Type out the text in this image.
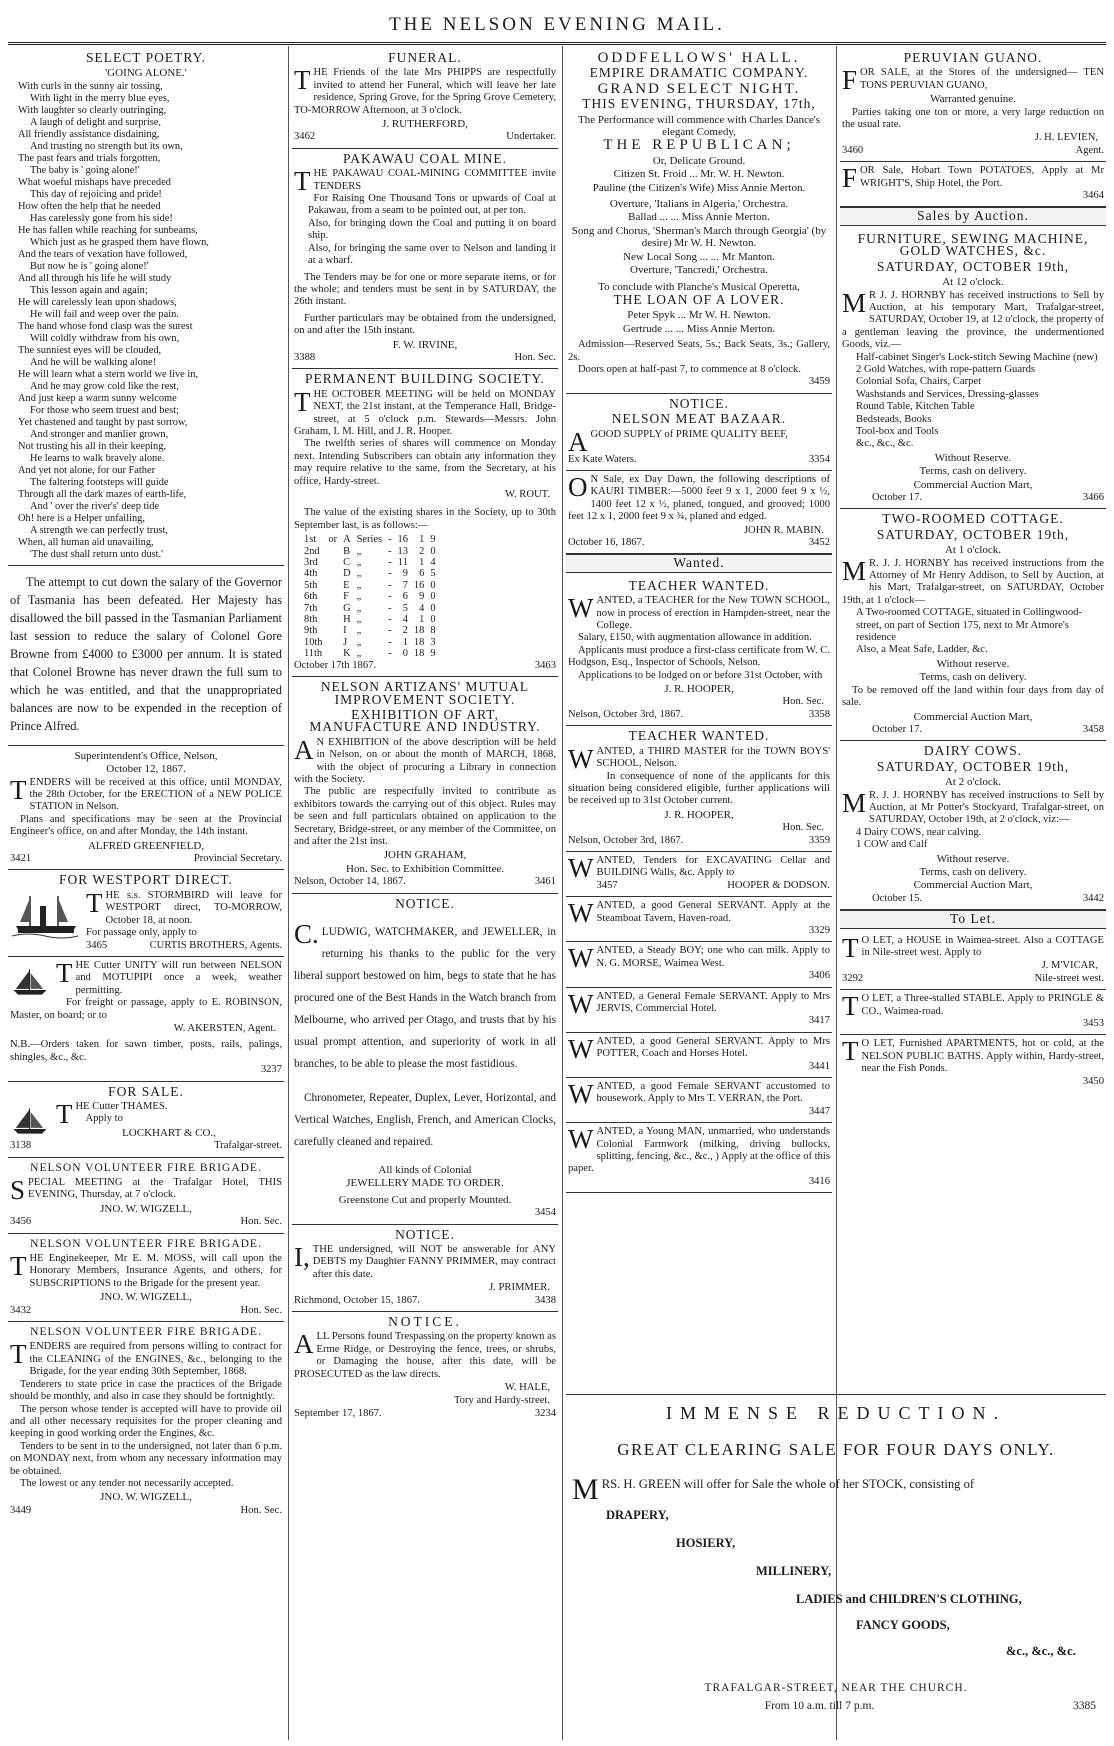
THE NELSON EVENING MAIL.
SELECT POETRY.
'GOING ALONE.'
With curls in the sunny air tossing,
With light in the merry blue eyes,
With laughter so clearly outringing,
A laugh of delight and surprise,
All friendly assistance disdaining,
And trusting no strength but its own,
The past fears and trials forgotten,
The baby is ' going alone!'
What woeful mishaps have preceded
This day of rejoicing and pride!
How often the help that he needed
Has carelessly gone from his side!
He has fallen while reaching for sunbeams,
Which just as he grasped them have flown,
And the tears of vexation have followed,
But now he is ' going alone!'
And all through his life he will study
This lesson again and again;
He will carelessly lean upon shadows,
He will fail and weep over the pain.
The hand whose fond clasp was the surest
Will coldly withdraw from his own,
The sunniest eyes will be clouded,
And he will be walking alone!
He will learn what a stern world we live in,
And he may grow cold like the rest,
And just keep a warm sunny welcome
For those who seem truest and best;
Yet chastened and taught by past sorrow,
And stronger and manlier grown,
Not trusting his all in their keeping,
He learns to walk bravely alone.
And yet not alone, for our Father
The faltering footsteps will guide
Through all the dark mazes of earth-life,
And ' over the river's' deep tide
Oh! here is a Helper unfailing,
A strength we can perfectly trust,
When, all human aid unavailing,
'The dust shall return unto dust.'

The attempt to cut down the salary of the Governor of Tasmania has been defeated. Her Majesty has disallowed the bill passed in the Tasmanian Parliament last session to reduce the salary of Colonel Gore Browne from £4000 to £3000 per annum. It is stated that Colonel Browne has never drawn the full sum to which he was entitled, and that the unappropriated balances are now to be expended in the reception of Prince Alfred.

Superintendent's Office, Nelson,
October 12, 1867.

TENDERS will be received at this office, until MONDAY, the 28th October, for the ERECTION of a NEW POLICE STATION in Nelson.

Plans and specifications may be seen at the Provincial Engineer's office, on and after Monday, the 14th instant.

ALFRED GREENFIELD,
3421	Provincial Secretary.
FOR WESTPORT DIRECT.

THE s.s. STORMBIRD will leave for WESTPORT direct, TO-MORROW, October 18, at noon.

For passage only, apply to

3465	CURTIS BROTHERS, Agents.

THE Cutter UNITY will run between NELSON and MOTUPIPI once a week, weather permitting.

For freight or passage, apply to E. ROBINSON, Master, on board; or to

W. AKERSTEN, Agent.

N.B.—Orders taken for sawn timber, posts, rails, palings, shingles, &c., &c.

3237
FOR SALE.

THE Cutter THAMES.

Apply to

LOCKHART & CO.,
3138	Trafalgar-street.
NELSON VOLUNTEER FIRE BRIGADE.

SPECIAL MEETING at the Trafalgar Hotel, THIS EVENING, Thursday, at 7 o'clock.

JNO. W. WIGZELL,
3456	Hon. Sec.
NELSON VOLUNTEER FIRE BRIGADE.

THE Enginekeeper, Mr E. M. MOSS, will call upon the Honorary Members, Insurance Agents, and others, for SUBSCRIPTIONS to the Brigade for the present year.

JNO. W. WIGZELL,
3432	Hon. Sec.
NELSON VOLUNTEER FIRE BRIGADE.

TENDERS are required from persons willing to contract for the CLEANING of the ENGINES, &c., belonging to the Brigade, for the year ending 30th September, 1868.

Tenderers to state price in case the practices of the Brigade should be monthly, and also in case they should be fortnightly.

The person whose tender is accepted will have to provide oil and all other necessary requisites for the proper cleaning and keeping in good working order the Engines, &c.

Tenders to be sent in to the undersigned, not later than 6 p.m. on MONDAY next, from whom any necessary information may be obtained.

The lowest or any tender not necessarily accepted.

JNO. W. WIGZELL,
3449	Hon. Sec.
FUNERAL.

THE Friends of the late Mrs PHIPPS are respectfully invited to attend her Funeral, which will leave her late residence, Spring Grove, for the Spring Grove Cemetery, TO-MORROW Afternoon, at 3 o'clock.

J. RUTHERFORD,
3462	Undertaker.
PAKAWAU COAL MINE.

THE PAKAWAU COAL-MINING COMMITTEE invite TENDERS

For Raising One Thousand Tons or upwards of Coal at Pakawau, from a seam to be pointed out, at per ton.

Also, for bringing down the Coal and putting it on board ship.

Also, for bringing the same over to Nelson and landing it at a wharf.

The Tenders may be for one or more separate items, or for the whole; and tenders must be sent in by SATURDAY, the 26th instant.

Further particulars may be obtained from the undersigned, on and after the 15th instant.

F. W. IRVINE,
3388	Hon. Sec.
PERMANENT BUILDING SOCIETY.

THE OCTOBER MEETING will be held on MONDAY NEXT, the 21st instant, at the Temperance Hall, Bridge-street, at 5 o'clock p.m. Stewards—Messrs. John Graham, I. M. Hill, and J. R. Hooper.

The twelfth series of shares will commence on Monday next. Intending Subscribers can obtain any information they may require relative to the same, from the Secretary, at his office, Hardy-street.

W. ROUT.

The value of the existing shares in the Society, up to 30th September last, is as follows:—

1st	or	A	Series	-	16	1	9
2nd		B	„	-	13	2	0
3rd		C	„	-	11	1	4
4th		D	„	-	9	6	5
5th		E	„	-	7	16	0
6th		F	„	-	6	9	0
7th		G	„	-	5	4	0
8th		H	„	-	4	1	0
9th		I	„	-	2	18	8
10th		J	„	-	1	18	3
11th		K	„	-	0	18	9
October 17th 1867.	3463
NELSON ARTIZANS' MUTUAL IMPROVEMENT SOCIETY.
EXHIBITION OF ART, MANUFACTURE AND INDUSTRY.

A N EXHIBITION of the above description will be held in Nelson, on or about the month of MARCH, 1868, with the object of procuring a Library in connection with the Society.

The public are respectfully invited to contribute as exhibitors towards the carrying out of this object. Rules may be seen and full particulars obtained on application to the Secretary, Bridge-street, or any member of the Committee, on and after the 21st inst.

JOHN GRAHAM,
Hon. Sec. to Exhibition Committee.
Nelson, October 14, 1867.	3461
NOTICE.

C. LUDWIG, WATCHMAKER, and JEWELLER, in returning his thanks to the public for the very liberal support bestowed on him, begs to state that he has procured one of the Best Hands in the Watch branch from Melbourne, who arrived per Otago, and trusts that by his usual prompt attention, and superiority of work in all branches, to be able to please the most fastidious.

Chronometer, Repeater, Duplex, Lever, Horizontal, and Vertical Watches, English, French, and American Clocks, carefully cleaned and repaired.

All kinds of Colonial
JEWELLERY MADE TO ORDER.
Greenstone Cut and properly Mounted.
3454
NOTICE.

I, THE undersigned, will NOT be answerable for ANY DEBTS my Daughter FANNY PRIMMER, may contract after this date.

J. PRIMMER.
Richmond, October 15, 1867.	3438
NOTICE.

ALL Persons found Trespassing on the property known as Erme Ridge, or Destroying the fence, trees, or shrubs, or Damaging the house, after this date, will be PROSECUTED as the law directs.

W. HALE,
Tory and Hardy-street.
September 17, 1867.	3234
ODDFELLOWS' HALL.
EMPIRE DRAMATIC COMPANY.
GRAND SELECT NIGHT.
THIS EVENING, THURSDAY, 17th,
The Performance will commence with Charles Dance's elegant Comedy,
THE REPUBLICAN;
Or, Delicate Ground.
Citizen St. Froid ... Mr. W. H. Newton.
Pauline (the Citizen's Wife) Miss Annie Merton.
Overture, 'Italians in Algeria,' Orchestra.
Ballad ... ... Miss Annie Merton.
Song and Chorus, 'Sherman's March through Georgia' (by desire) Mr W. H. Newton.
New Local Song ... ... Mr Manton.
Overture, 'Tancredi,' Orchestra.
To conclude with Planche's Musical Operetta,
THE LOAN OF A LOVER.
Peter Spyk ... Mr W. H. Newton.
Gertrude ... ... Miss Annie Merton.

Admission—Reserved Seats, 5s.; Back Seats, 3s.; Gallery, 2s.

Doors open at half-past 7, to commence at 8 o'clock.

3459
NOTICE.
NELSON MEAT BAZAAR.

AGOOD SUPPLY of PRIME QUALITY BEEF,

Ex Kate Waters.	3354

O N Sale, ex Day Dawn, the following descriptions of KAURI TIMBER:—5000 feet 9 x 1, 2000 feet 9 x ½, 1400 feet 12 x ½, planed, tongued, and grooved; 1000 feet 12 x 1, 2000 feet 9 x ¾, planed and edged.

JOHN R. MABIN.
October 16, 1867.	3452
Wanted.
TEACHER WANTED.

WANTED, a TEACHER for the New TOWN SCHOOL, now in process of erection in Hampden-street, near the College.

Salary, £150, with augmentation allowance in addition.

Applicants must produce a first-class certificate from W. C. Hodgson, Esq., Inspector of Schools, Nelson.

Applications to be lodged on or before 31st October, with

J. R. HOOPER,
Hon. Sec.
Nelson, October 3rd, 1867.	3358
TEACHER WANTED.

WANTED, a THIRD MASTER for the TOWN BOYS' SCHOOL, Nelson.

In consequence of none of the applicants for this situation being considered eligible, further applications will be received up to 31st October current.

J. R. HOOPER,
Hon. Sec.
Nelson, October 3rd, 1867.	3359

WANTED, Tenders for EXCAVATING Cellar and BUILDING Walls, &c. Apply to

3457	HOOPER & DODSON.

WANTED, a good General SERVANT. Apply at the Steamboat Tavern, Haven-road.

3329

WANTED, a Steady BOY; one who can milk. Apply to N. G. MORSE, Waimea West.

3406

WANTED, a General Female SERVANT. Apply to Mrs JERVIS, Commercial Hotel.

3417

WANTED, a good General SERVANT. Apply to Mrs POTTER, Coach and Horses Hotel.

3441

WANTED, a good Female SERVANT accustomed to housework. Apply to Mrs T. VERRAN, the Port.

3447

WANTED, a Young MAN, unmarried, who understands Colonial Farmwork (milking, driving bullocks, splitting, fencing, &c., &c., ) Apply at the office of this paper.

3416
PERUVIAN GUANO.

FOR SALE, at the Stores of the undersigned— TEN TONS PERUVIAN GUANO,

Warranted genuine.

Parties taking one ton or more, a very large reduction on the usual rate.

J. H. LEVIEN,
3460	Agent.

FOR Sale, Hobart Town POTATOES, Apply at Mr WRIGHT'S, Ship Hotel, the Port.

3464
Sales by Auction.
FURNITURE, SEWING MACHINE, GOLD WATCHES, &c.
SATURDAY, OCTOBER 19th,
At 12 o'clock.

M R J. J. HORNBY has received instructions to Sell by Auction, at his temporary Mart, Trafalgar-street, SATURDAY, October 19, at 12 o'clock, the property of a gentleman leaving the province, the undermentioned Goods, viz.—

Half-cabinet Singer's Lock-stitch Sewing Machine (new)
2 Gold Watches, with rope-pattern Guards
Colonial Sofa, Chairs, Carpet
Washstands and Services, Dressing-glasses
Round Table, Kitchen Table
Bedsteads, Books
Tool-box and Tools
&c., &c., &c.
Without Reserve.
Terms, cash on delivery.
Commercial Auction Mart,
October 17.	3466
TWO-ROOMED COTTAGE.
SATURDAY, OCTOBER 19th,
At 1 o'clock.

M R. J. J. HORNBY has received instructions from the Attorney of Mr Henry Addison, to Sell by Auction, at his Mart, Trafalgar-street, on SATURDAY, October 19th, at 1 o'clock—

A Two-roomed COTTAGE, situated in Collingwood-street, on part of Section 175, next to Mr Atmore's residence
Also, a Meat Safe, Ladder, &c.
Without reserve.
Terms, cash on delivery.

To be removed off the land within four days from day of sale.

Commercial Auction Mart,
October 17.	3458
DAIRY COWS.
SATURDAY, OCTOBER 19th,
At 2 o'clock.

M R. J. J. HORNBY has received instructions to Sell by Auction, at Mr Potter's Stockyard, Trafalgar-street, on SATURDAY, October 19th, at 2 o'clock, viz:—

4 Dairy COWS, near calving.
1 COW and Calf
Without reserve.
Terms, cash on delivery.
Commercial Auction Mart,
October 15.	3442
To Let.

T O LET, a HOUSE in Waimea-street. Also a COTTAGE in Nile-street west. Apply to

J. M'VICAR,
3292	Nile-street west.

T O LET, a Three-stalled STABLE. Apply to PRINGLE & CO., Waimea-road.

3453

T O LET, Furnished APARTMENTS, hot or cold, at the NELSON PUBLIC BATHS. Apply within, Hardy-street, near the Fish Ponds.

3450
IMMENSE REDUCTION.
GREAT CLEARING SALE FOR FOUR DAYS ONLY.

MRS. H. GREEN will offer for Sale the whole of her STOCK, consisting of

DRAPERY,
HOSIERY,
MILLINERY,
LADIES and CHILDREN'S CLOTHING,
FANCY GOODS,
&c., &c., &c.
TRAFALGAR-STREET, NEAR THE CHURCH.
From 10 a.m. till 7 p.m.	3385
